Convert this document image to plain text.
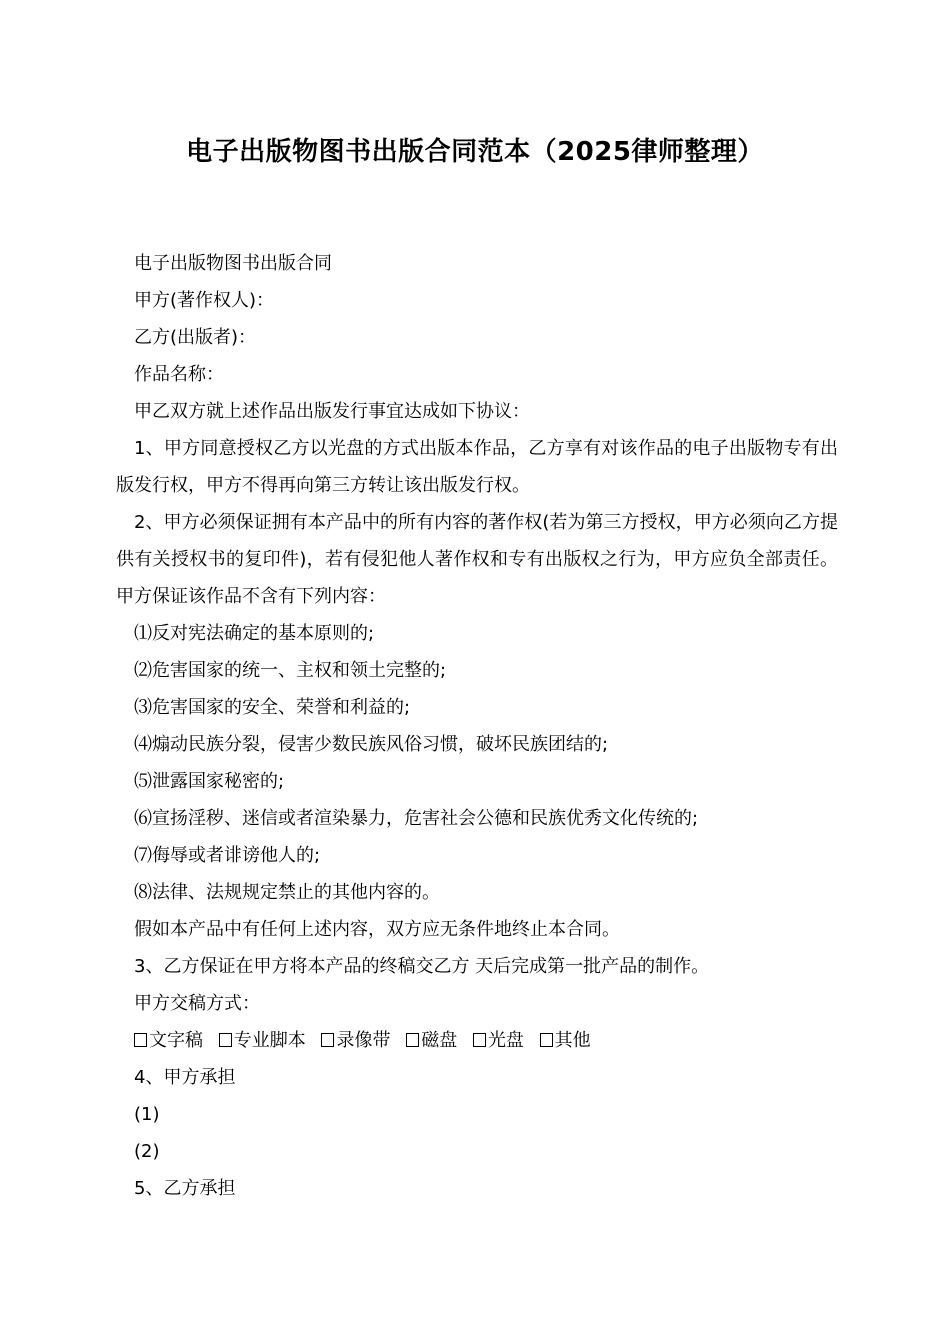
电子出版物图书出版合同范本（2025律师整理）

电子出版物图书出版合同

甲方(著作权人)：

乙方(出版者)：

作品名称：

甲乙双方就上述作品出版发行事宜达成如下协议：

1、甲方同意授权乙方以光盘的方式出版本作品，乙方享有对该作品的电子出版物专有出版发行权，甲方不得再向第三方转让该出版发行权。

2、甲方必须保证拥有本产品中的所有内容的著作权(若为第三方授权，甲方必须向乙方提供有关授权书的复印件)，若有侵犯他人著作权和专有出版权之行为，甲方应负全部责任。甲方保证该作品不含有下列内容：

⑴反对宪法确定的基本原则的;

⑵危害国家的统一、主权和领土完整的;

⑶危害国家的安全、荣誉和利益的;

⑷煽动民族分裂，侵害少数民族风俗习惯，破坏民族团结的;

⑸泄露国家秘密的;

⑹宣扬淫秽、迷信或者渲染暴力，危害社会公德和民族优秀文化传统的;

⑺侮辱或者诽谤他人的;

⑻法律、法规规定禁止的其他内容的。

假如本产品中有任何上述内容，双方应无条件地终止本合同。

3、乙方保证在甲方将本产品的终稿交乙方 天后完成第一批产品的制作。

甲方交稿方式：

文字稿 专业脚本 录像带 磁盘 光盘 其他

4、甲方承担

(1)

(2)

5、乙方承担
